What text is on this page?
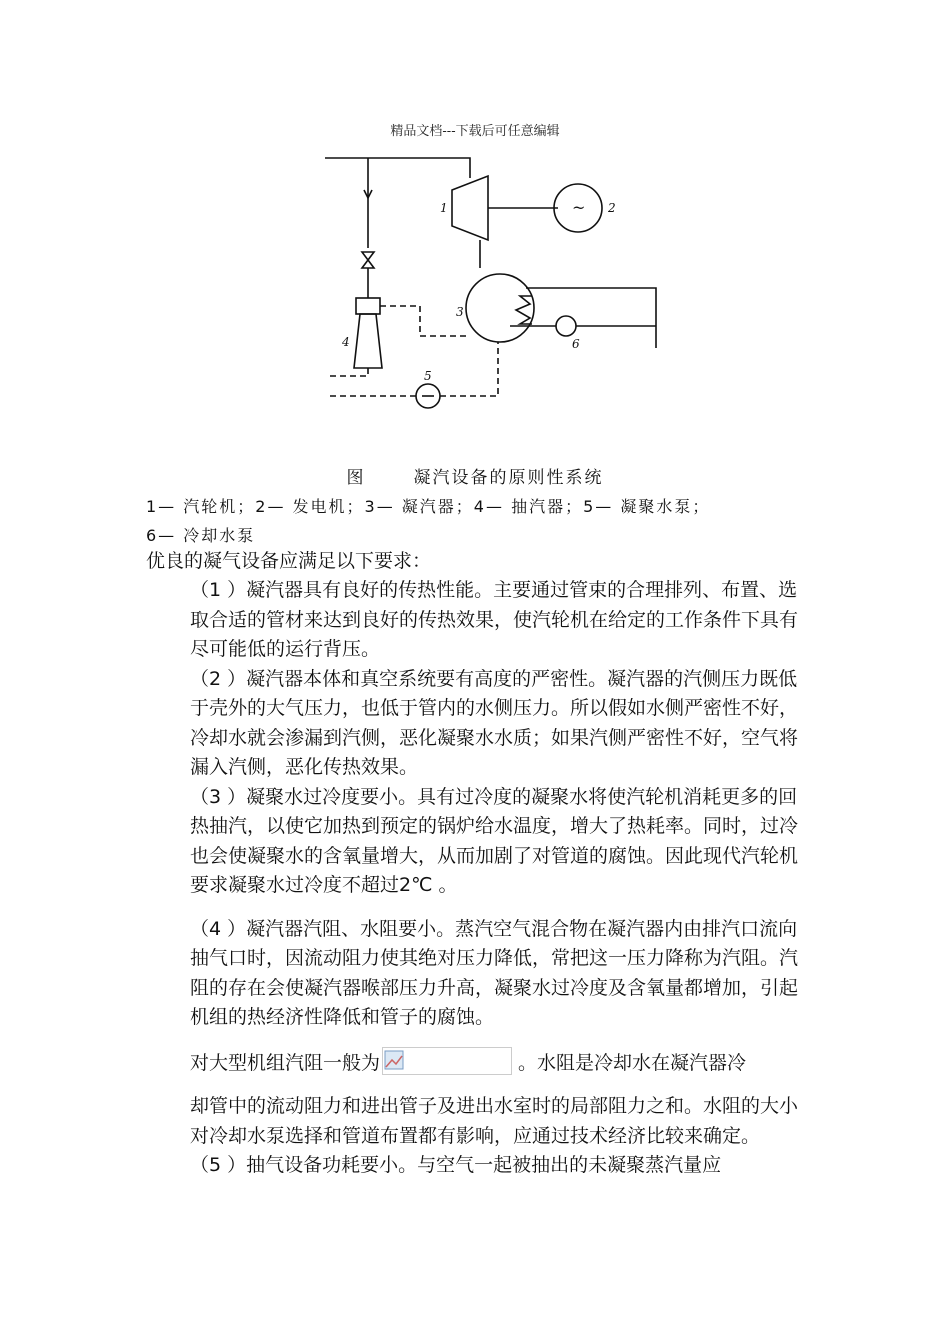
精品文档---下载后可任意编辑
1	2
3
4
5
6
~
图	凝汽设备的原则性系统
1— 汽轮机；2— 发电机；3— 凝汽器；4— 抽汽器；5— 凝聚水泵；
6— 冷却水泵
优良的凝气设备应满足以下要求：

（1 ）凝汽器具有良好的传热性能。主要通过管束的合理排列、布置、选取合适的管材来达到良好的传热效果，使汽轮机在给定的工作条件下具有尽可能低的运行背压。

（2 ）凝汽器本体和真空系统要有高度的严密性。凝汽器的汽侧压力既低于壳外的大气压力，也低于管内的水侧压力。所以假如水侧严密性不好，冷却水就会渗漏到汽侧，恶化凝聚水水质；如果汽侧严密性不好，空气将漏入汽侧，恶化传热效果。

（3 ）凝聚水过冷度要小。具有过冷度的凝聚水将使汽轮机消耗更多的回热抽汽，以使它加热到预定的锅炉给水温度，增大了热耗率。同时，过冷也会使凝聚水的含氧量增大，从而加剧了对管道的腐蚀。因此现代汽轮机要求凝聚水过冷度不超过2℃ 。

（4 ）凝汽器汽阻、水阻要小。蒸汽空气混合物在凝汽器内由排汽口流向抽气口时，因流动阻力使其绝对压力降低，常把这一压力降称为汽阻。汽阻的存在会使凝汽器喉部压力升高，凝聚水过冷度及含氧量都增加，引起机组的热经济性降低和管子的腐蚀。

对大型机组汽阻一般为	。水阻是冷却水在凝汽器冷

却管中的流动阻力和进出管子及进出水室时的局部阻力之和。水阻的大小对冷却水泵选择和管道布置都有影响，应通过技术经济比较来确定。

（5 ）抽气设备功耗要小。与空气一起被抽出的未凝聚蒸汽量应
